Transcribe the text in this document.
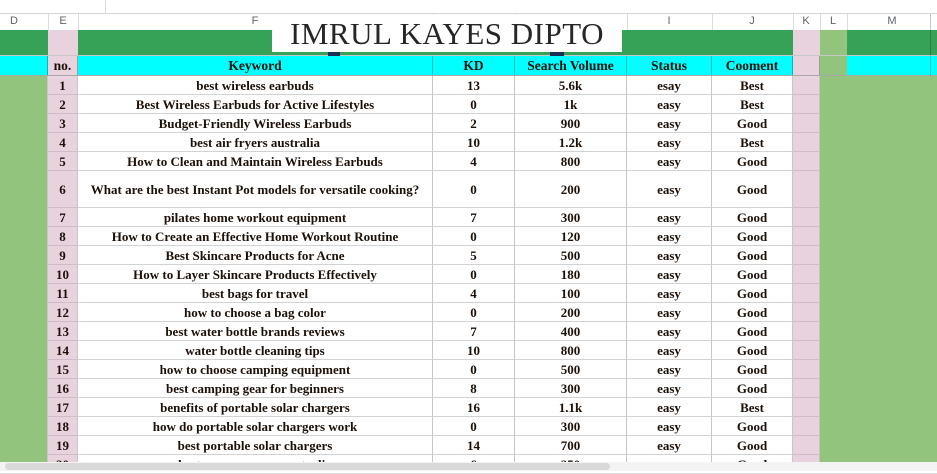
D	E	F	I	J	K L	M
no.	Keyword	KD	Search Volume	Status	Cooment
1	best wireless earbuds	13	5.6k	esay	Best
2	Best Wireless Earbuds for Active Lifestyles	0	1k	easy	Best
3	Budget-Friendly Wireless Earbuds	2	900	easy	Good
4	best air fryers australia	10	1.2k	easy	Best
5	How to Clean and Maintain Wireless Earbuds	4	800	easy	Good
6	What are the best Instant Pot models for versatile cooking?	0	200	easy	Good
7	pilates home workout equipment	7	300	easy	Good
8	How to Create an Effective Home Workout Routine	0	120	easy	Good
9	Best Skincare Products for Acne	5	500	easy	Good
10	How to Layer Skincare Products Effectively	0	180	easy	Good
11	best bags for travel	4	100	easy	Good
12	how to choose a bag color	0	200	easy	Good
13	best water bottle brands reviews	7	400	easy	Good
14	water bottle cleaning tips	10	800	easy	Good
15	how to choose camping equipment	0	500	easy	Good
16	best camping gear for beginners	8	300	easy	Good
17	benefits of portable solar chargers	16	1.1k	easy	Best
18	how do portable solar chargers work	0	300	easy	Good
19	best portable solar chargers	14	700	easy	Good
IMRUL KAYES DIPTO
